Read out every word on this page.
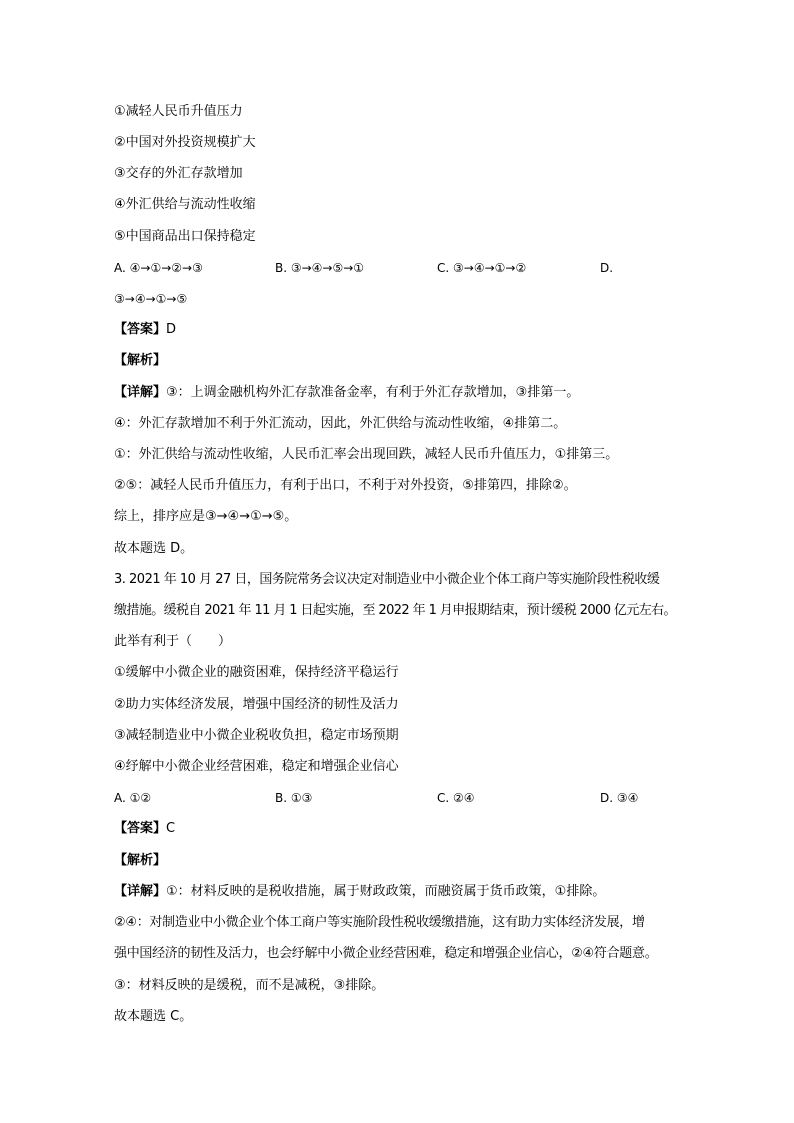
①减轻人民币升值压力
②中国对外投资规模扩大
③交存的外汇存款增加
④外汇供给与流动性收缩
⑤中国商品出口保持稳定
A. ④→①→②→③	B. ③→④→⑤→①	C. ③→④→①→②	D.
③→④→①→⑤
【答案】D
【解析】
【详解】③：上调金融机构外汇存款准备金率，有利于外汇存款增加，③排第一。
④：外汇存款增加不利于外汇流动，因此，外汇供给与流动性收缩，④排第二。
①：外汇供给与流动性收缩，人民币汇率会出现回跌，减轻人民币升值压力，①排第三。
②⑤：减轻人民币升值压力，有利于出口，不利于对外投资，⑤排第四，排除②。
综上，排序应是③→④→①→⑤。
故本题选 D。
3. 2021 年 10 月 27 日，国务院常务会议决定对制造业中小微企业个体工商户等实施阶段性税收缓
缴措施。缓税自 2021 年 11 月 1 日起实施，至 2022 年 1 月申报期结束，预计缓税 2000 亿元左右。
此举有利于（　　）
①缓解中小微企业的融资困难，保持经济平稳运行
②助力实体经济发展，增强中国经济的韧性及活力
③减轻制造业中小微企业税收负担，稳定市场预期
④纾解中小微企业经营困难，稳定和增强企业信心
A. ①②	B. ①③	C. ②④	D. ③④
【答案】C
【解析】
【详解】①：材料反映的是税收措施，属于财政政策，而融资属于货币政策，①排除。
②④：对制造业中小微企业个体工商户等实施阶段性税收缓缴措施，这有助力实体经济发展，增
强中国经济的韧性及活力，也会纾解中小微企业经营困难，稳定和增强企业信心，②④符合题意。
③：材料反映的是缓税，而不是减税，③排除。
故本题选 C。
